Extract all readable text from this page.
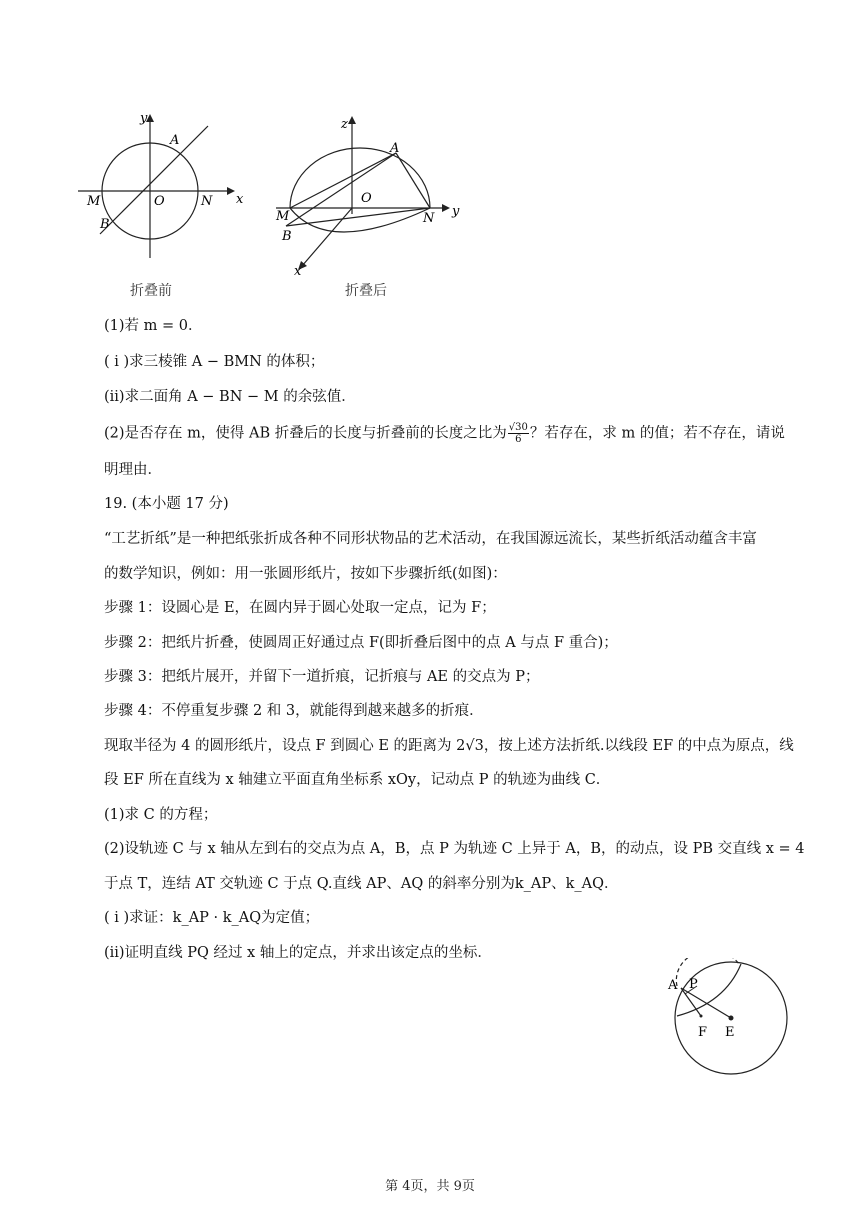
y
x
A
M	O	N
B
折叠前
z
A
O
M
B
N y
x
折叠后
(1)若 m = 0．
( i )求三棱锥 A − BMN 的体积；
(ii)求二面角 A − BN − M 的余弦值．
(2)是否存在 m，使得 AB 折叠后的长度与折叠前的长度之比为 $\frac{√30}{6}$ ？若存在，求 m 的值；若不存在，请说
明理由．
19. (本小题 17 分)
“工艺折纸”是一种把纸张折成各种不同形状物品的艺术活动，在我国源远流长，某些折纸活动蕴含丰富
的数学知识，例如：用一张圆形纸片，按如下步骤折纸(如图)：
步骤 1：设圆心是 E，在圆内异于圆心处取一定点，记为 F；
步骤 2：把纸片折叠，使圆周正好通过点 F(即折叠后图中的点 A 与点 F 重合)；
步骤 3：把纸片展开，并留下一道折痕，记折痕与 AE 的交点为 P；
步骤 4：不停重复步骤 2 和 3，就能得到越来越多的折痕．
现取半径为 4 的圆形纸片，设点 F 到圆心 E 的距离为 2√3，按上述方法折纸.以线段 EF 的中点为原点，线
段 EF 所在直线为 x 轴建立平面直角坐标系 xOy，记动点 P 的轨迹为曲线 C．
(1)求 C 的方程；
(2)设轨迹 C 与 x 轴从左到右的交点为点 A，B，点 P 为轨迹 C 上异于 A，B，的动点，设 PB 交直线 x = 4
于点 T，连结 AT 交轨迹 C 于点 Q.直线 AP、AQ 的斜率分别为k_AP、k_AQ．
( i )求证：k_AP · k_AQ为定值；
(ii)证明直线 PQ 经过 x 轴上的定点，并求出该定点的坐标．
A P
F E
第 4页，共 9页
